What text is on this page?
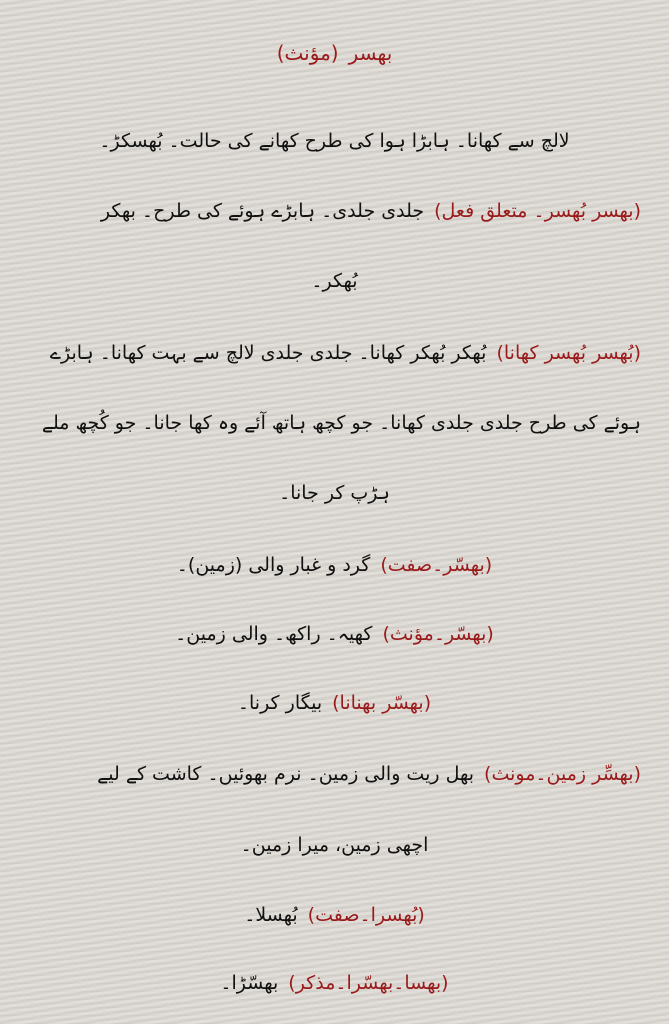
بھسر(مؤنث)
لالچ سے کھانا۔ ہابڑا ہوا کی طرح کھانے کی حالت۔ بُھسکڑ۔
(بھسر بُھسر۔ متعلق فعل)جلدی جلدی۔ ہابڑے ہوئے کی طرح۔ بھکر
بُھکر۔
(بُھسر بُھسر کھانا)بُھکر بُھکر کھانا۔ جلدی جلدی لالچ سے بہت کھانا۔ ہابڑے
ہوئے کی طرح جلدی جلدی کھانا۔ جو کچھ ہاتھ آئے وہ کھا جانا۔ جو کُچھ ملے
ہڑپ کر جانا۔
(بھسّر۔صفت)گرد و غبار والی (زمین)۔
(بھسّر۔مؤنث)کھیہ۔ راکھ۔ والی زمین۔
(بھسّر بھنانا)بیگار کرنا۔
(بھسِّر زمین۔مونث)بھل ریت والی زمین۔ نرم بھوئیں۔ کاشت کے لیے
اچھی زمین، میرا زمین۔
(بُھسرا۔صفت)بُھسلا۔
(بھسا۔بھسّرا۔مذکر)بھسّڑا۔
